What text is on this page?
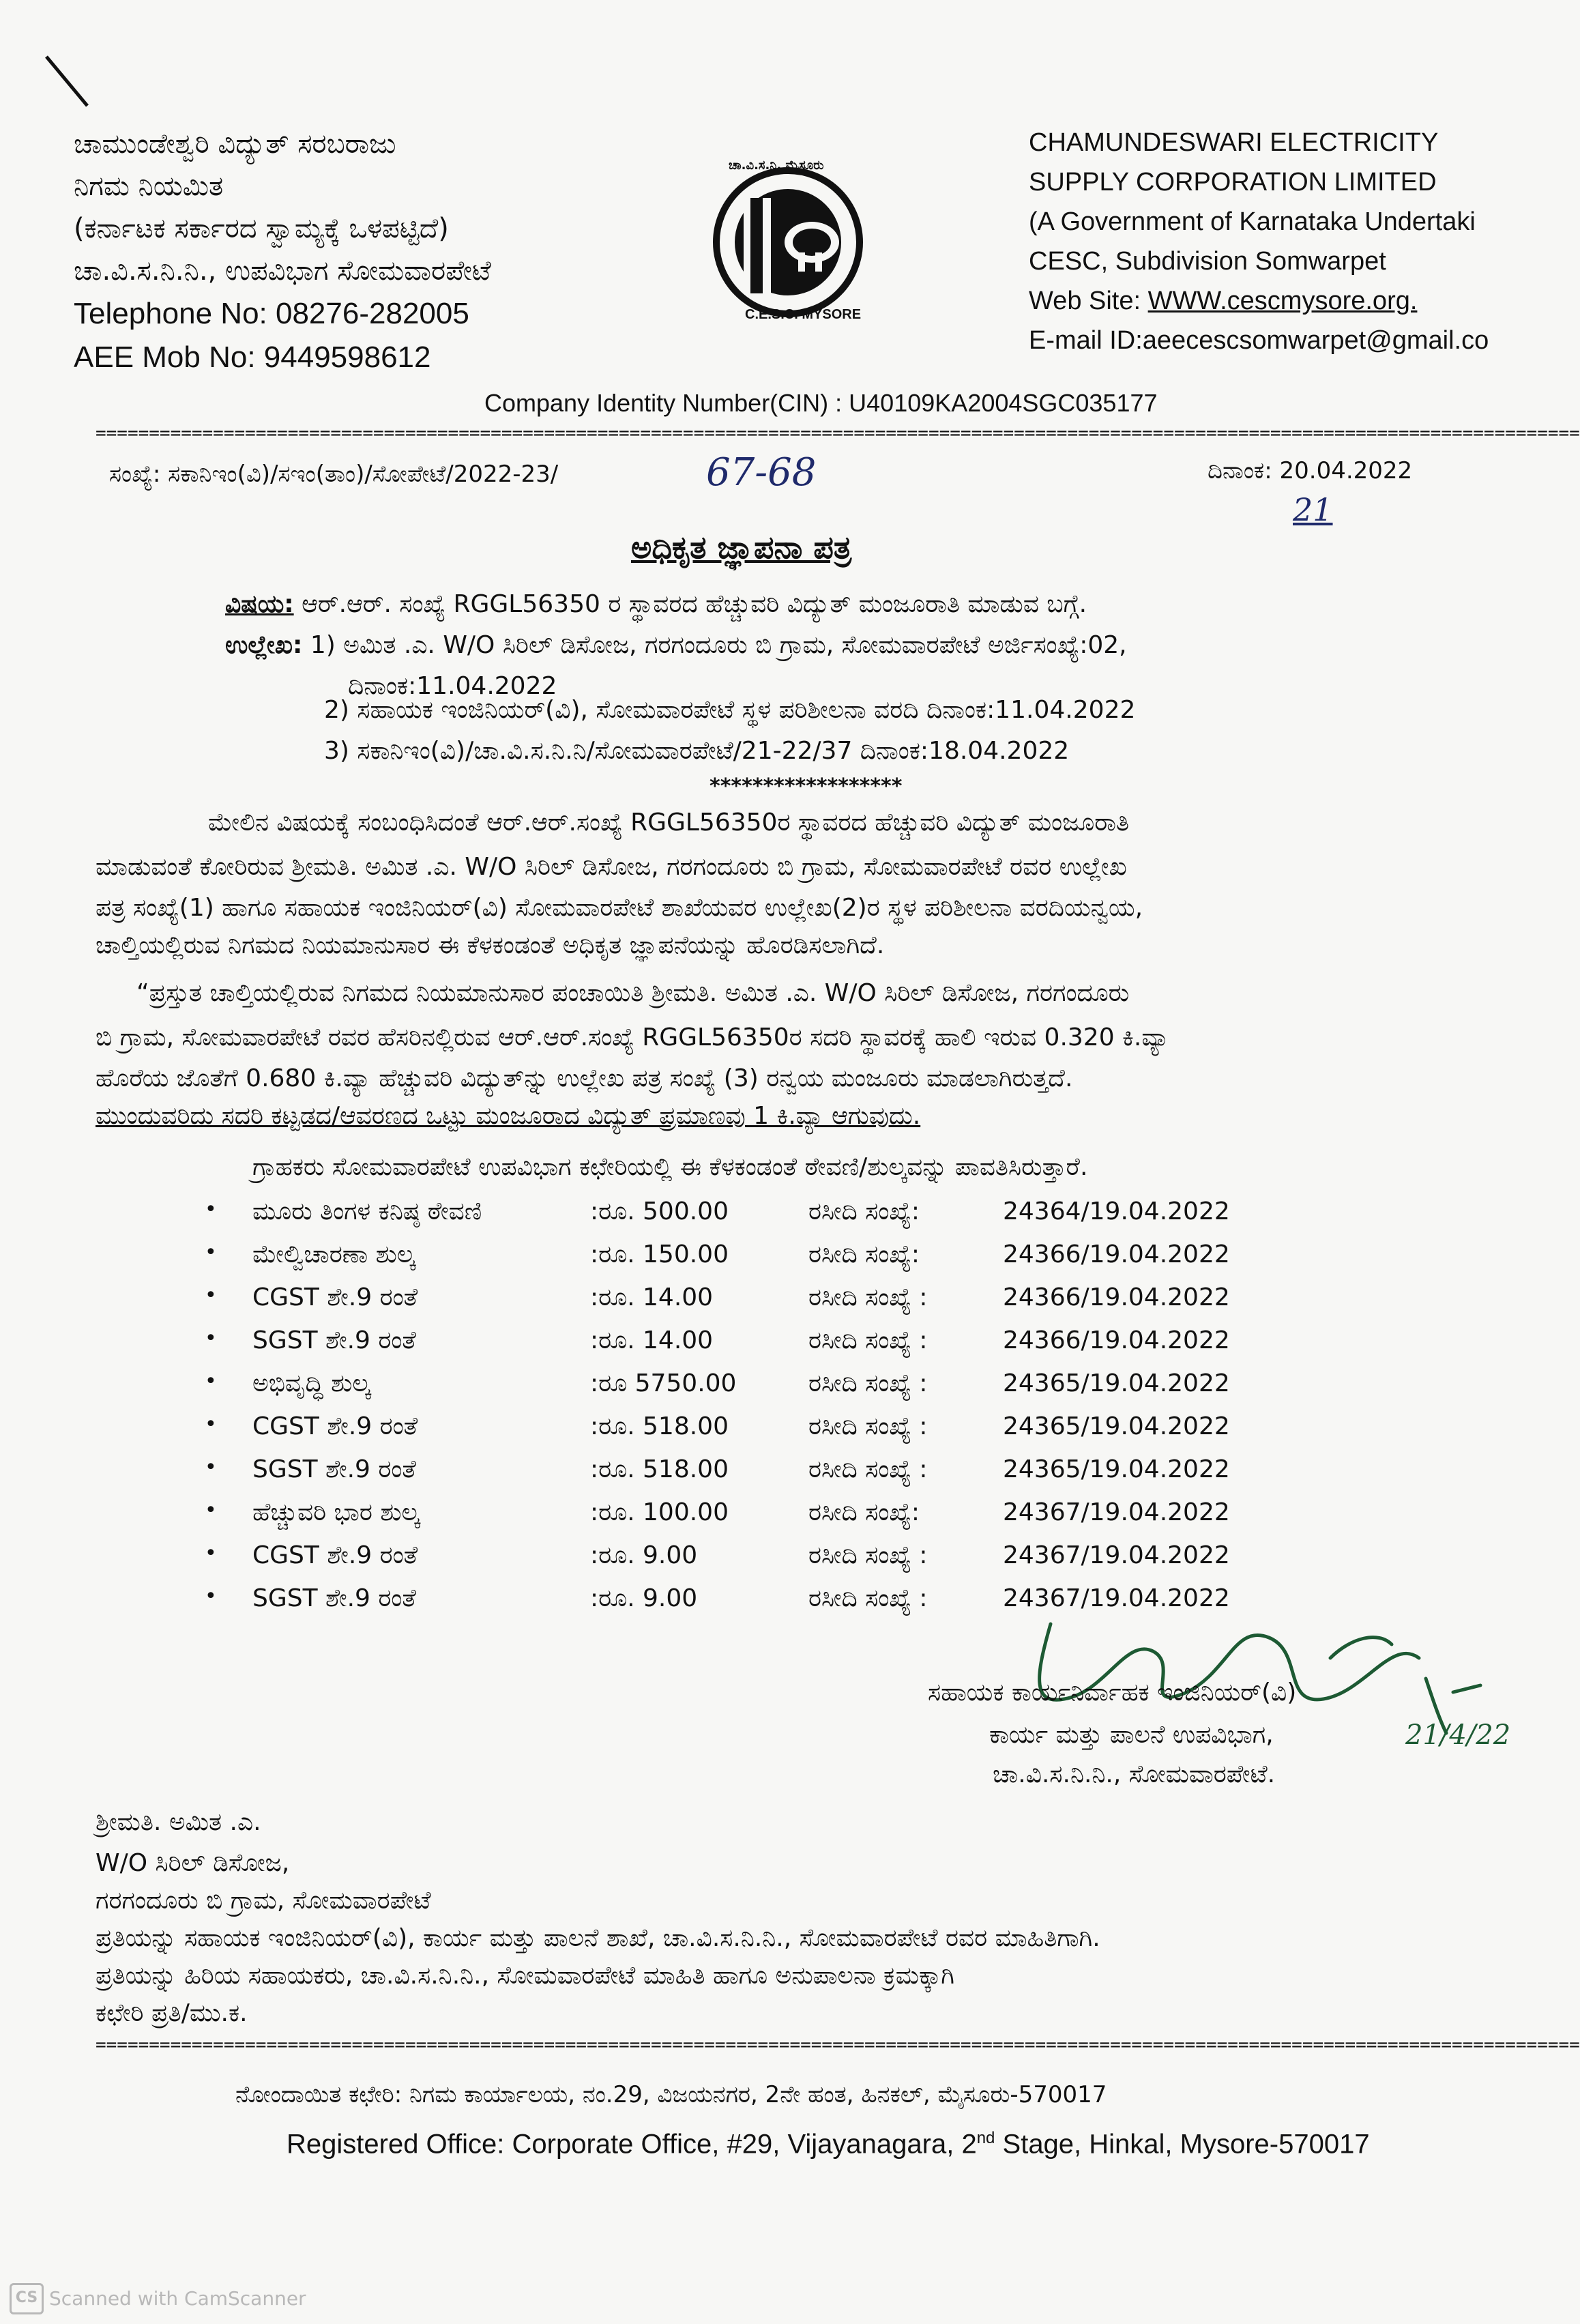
ಚಾಮುಂಡೇಶ್ವರಿ ವಿದ್ಯುತ್ ಸರಬರಾಜು
ನಿಗಮ ನಿಯಮಿತ
(ಕರ್ನಾಟಕ ಸರ್ಕಾರದ ಸ್ವಾಮ್ಯಕ್ಕೆ ಒಳಪಟ್ಟಿದೆ)
ಚಾ.ವಿ.ಸ.ನಿ.ನಿ., ಉಪವಿಭಾಗ ಸೋಮವಾರಪೇಟೆ
Telephone No: 08276-282005
AEE Mob No: 9449598612
ಚಾ.ವಿ.ಸ.ನಿ. ಮೈಸೂರು
C.E.S.C. MYSORE
CHAMUNDESWARI ELECTRICITY
SUPPLY CORPORATION LIMITED
(A Government of Karnataka Undertaki
CESC, Subdivision Somwarpet
Web Site: WWW.cescmysore.org.
E-mail ID:aeecescsomwarpet@gmail.co
Company Identity Number(CIN) : U40109KA2004SGC035177
===========================================================================================================================================
ಸಂಖ್ಯೆ: ಸಕಾನಿಇಂ(ವಿ)/ಸಇಂ(ತಾಂ)/ಸೋಪೇಟೆ/2022-23/	67-68	ದಿನಾಂಕ: 20.04.2022
21
ಅಧಿಕೃತ ಜ್ಞಾಪನಾ ಪತ್ರ
ವಿಷಯ: ಆರ್.ಆರ್. ಸಂಖ್ಯೆ RGGL56350 ರ ಸ್ಥಾವರದ ಹೆಚ್ಚುವರಿ ವಿದ್ಯುತ್ ಮಂಜೂರಾತಿ ಮಾಡುವ ಬಗ್ಗೆ.
ಉಲ್ಲೇಖ: 1) ಅಮಿತ .ಎ. W/O ಸಿರಿಲ್ ಡಿಸೋಜ, ಗರಗಂದೂರು ಬಿ ಗ್ರಾಮ, ಸೋಮವಾರಪೇಟೆ ಅರ್ಜಿಸಂಖ್ಯೆ:02,
ದಿನಾಂಕ:11.04.2022
2) ಸಹಾಯಕ ಇಂಜಿನಿಯರ್(ವಿ), ಸೋಮವಾರಪೇಟೆ ಸ್ಥಳ ಪರಿಶೀಲನಾ ವರದಿ ದಿನಾಂಕ:11.04.2022
3) ಸಕಾನಿಇಂ(ವಿ)/ಚಾ.ವಿ.ಸ.ನಿ.ನಿ/ಸೋಮವಾರಪೇಟೆ/21-22/37 ದಿನಾಂಕ:18.04.2022
******************
ಮೇಲಿನ ವಿಷಯಕ್ಕೆ ಸಂಬಂಧಿಸಿದಂತೆ ಆರ್.ಆರ್.ಸಂಖ್ಯೆ RGGL56350ರ ಸ್ಥಾವರದ ಹೆಚ್ಚುವರಿ ವಿದ್ಯುತ್ ಮಂಜೂರಾತಿ
ಮಾಡುವಂತೆ ಕೋರಿರುವ ಶ್ರೀಮತಿ. ಅಮಿತ .ಎ. W/O ಸಿರಿಲ್ ಡಿಸೋಜ, ಗರಗಂದೂರು ಬಿ ಗ್ರಾಮ, ಸೋಮವಾರಪೇಟೆ ರವರ ಉಲ್ಲೇಖ
ಪತ್ರ ಸಂಖ್ಯೆ(1) ಹಾಗೂ ಸಹಾಯಕ ಇಂಜಿನಿಯರ್(ವಿ) ಸೋಮವಾರಪೇಟೆ ಶಾಖೆಯವರ ಉಲ್ಲೇಖ(2)ರ ಸ್ಥಳ ಪರಿಶೀಲನಾ ವರದಿಯನ್ವಯ,
ಚಾಲ್ತಿಯಲ್ಲಿರುವ ನಿಗಮದ ನಿಯಮಾನುಸಾರ ಈ ಕೆಳಕಂಡಂತೆ ಅಧಿಕೃತ ಜ್ಞಾಪನೆಯನ್ನು ಹೊರಡಿಸಲಾಗಿದೆ.
“ಪ್ರಸ್ತುತ ಚಾಲ್ತಿಯಲ್ಲಿರುವ ನಿಗಮದ ನಿಯಮಾನುಸಾರ ಪಂಚಾಯಿತಿ ಶ್ರೀಮತಿ. ಅಮಿತ .ಎ. W/O ಸಿರಿಲ್ ಡಿಸೋಜ, ಗರಗಂದೂರು
ಬಿ ಗ್ರಾಮ, ಸೋಮವಾರಪೇಟೆ ರವರ ಹೆಸರಿನಲ್ಲಿರುವ ಆರ್.ಆರ್.ಸಂಖ್ಯೆ RGGL56350ರ ಸದರಿ ಸ್ಥಾವರಕ್ಕೆ ಹಾಲಿ ಇರುವ 0.320 ಕಿ.ವ್ಯಾ
ಹೊರೆಯ ಜೊತೆಗೆ 0.680 ಕಿ.ವ್ಯಾ ಹೆಚ್ಚುವರಿ ವಿದ್ಯುತ್‌ನ್ನು ಉಲ್ಲೇಖ ಪತ್ರ ಸಂಖ್ಯೆ (3) ರನ್ವಯ ಮಂಜೂರು ಮಾಡಲಾಗಿರುತ್ತದೆ.
ಮುಂದುವರಿದು ಸದರಿ ಕಟ್ಟಡದ/ಆವರಣದ ಒಟ್ಟು ಮಂಜೂರಾದ ವಿದ್ಯುತ್ ಪ್ರಮಾಣವು 1 ಕಿ.ವ್ಯಾ ಆಗುವುದು.
ಗ್ರಾಹಕರು ಸೋಮವಾರಪೇಟೆ ಉಪವಿಭಾಗ ಕಛೇರಿಯಲ್ಲಿ ಈ ಕೆಳಕಂಡಂತೆ ಠೇವಣಿ/ಶುಲ್ಕವನ್ನು ಪಾವತಿಸಿರುತ್ತಾರೆ.
• ಮೂರು ತಿಂಗಳ ಕನಿಷ್ಠ ಠೇವಣಿ	:ರೂ. 500.00	ರಸೀದಿ ಸಂಖ್ಯೆ:	24364/19.04.2022
• ಮೇಲ್ವಿಚಾರಣಾ ಶುಲ್ಕ	:ರೂ. 150.00	ರಸೀದಿ ಸಂಖ್ಯೆ:	24366/19.04.2022
• CGST ಶೇ.9 ರಂತೆ	:ರೂ. 14.00	ರಸೀದಿ ಸಂಖ್ಯೆ :	24366/19.04.2022
• SGST ಶೇ.9 ರಂತೆ	:ರೂ. 14.00	ರಸೀದಿ ಸಂಖ್ಯೆ :	24366/19.04.2022
• ಅಭಿವೃದ್ಧಿ ಶುಲ್ಕ	:ರೂ 5750.00	ರಸೀದಿ ಸಂಖ್ಯೆ :	24365/19.04.2022
• CGST ಶೇ.9 ರಂತೆ	:ರೂ. 518.00	ರಸೀದಿ ಸಂಖ್ಯೆ :	24365/19.04.2022
• SGST ಶೇ.9 ರಂತೆ	:ರೂ. 518.00	ರಸೀದಿ ಸಂಖ್ಯೆ :	24365/19.04.2022
• ಹೆಚ್ಚುವರಿ ಭಾರ ಶುಲ್ಕ	:ರೂ. 100.00	ರಸೀದಿ ಸಂಖ್ಯೆ:	24367/19.04.2022
• CGST ಶೇ.9 ರಂತೆ	:ರೂ. 9.00	ರಸೀದಿ ಸಂಖ್ಯೆ :	24367/19.04.2022
• SGST ಶೇ.9 ರಂತೆ	:ರೂ. 9.00	ರಸೀದಿ ಸಂಖ್ಯೆ :	24367/19.04.2022
21/4/22
ಸಹಾಯಕ ಕಾರ್ಯನಿರ್ವಾಹಕ ಇಂಜಿನಿಯರ್(ವಿ)
ಕಾರ್ಯ ಮತ್ತು ಪಾಲನೆ ಉಪವಿಭಾಗ,
ಚಾ.ವಿ.ಸ.ನಿ.ನಿ., ಸೋಮವಾರಪೇಟೆ.
ಶ್ರೀಮತಿ. ಅಮಿತ .ಎ.
W/O ಸಿರಿಲ್ ಡಿಸೋಜ,
ಗರಗಂದೂರು ಬಿ ಗ್ರಾಮ, ಸೋಮವಾರಪೇಟೆ
ಪ್ರತಿಯನ್ನು ಸಹಾಯಕ ಇಂಜಿನಿಯರ್(ವಿ), ಕಾರ್ಯ ಮತ್ತು ಪಾಲನೆ ಶಾಖೆ, ಚಾ.ವಿ.ಸ.ನಿ.ನಿ., ಸೋಮವಾರಪೇಟೆ ರವರ ಮಾಹಿತಿಗಾಗಿ.
ಪ್ರತಿಯನ್ನು ಹಿರಿಯ ಸಹಾಯಕರು, ಚಾ.ವಿ.ಸ.ನಿ.ನಿ., ಸೋಮವಾರಪೇಟೆ ಮಾಹಿತಿ ಹಾಗೂ ಅನುಪಾಲನಾ ಕ್ರಮಕ್ಕಾಗಿ
ಕಛೇರಿ ಪ್ರತಿ/ಮು.ಕ.
===========================================================================================================================================
ನೋಂದಾಯಿತ ಕಛೇರಿ: ನಿಗಮ ಕಾರ್ಯಾಲಯ, ನಂ.29, ವಿಜಯನಗರ, 2ನೇ ಹಂತ, ಹಿನಕಲ್, ಮೈಸೂರು-570017
Registered Office: Corporate Office, #29, Vijayanagara, 2nd Stage, Hinkal, Mysore-570017
CS Scanned with CamScanner
